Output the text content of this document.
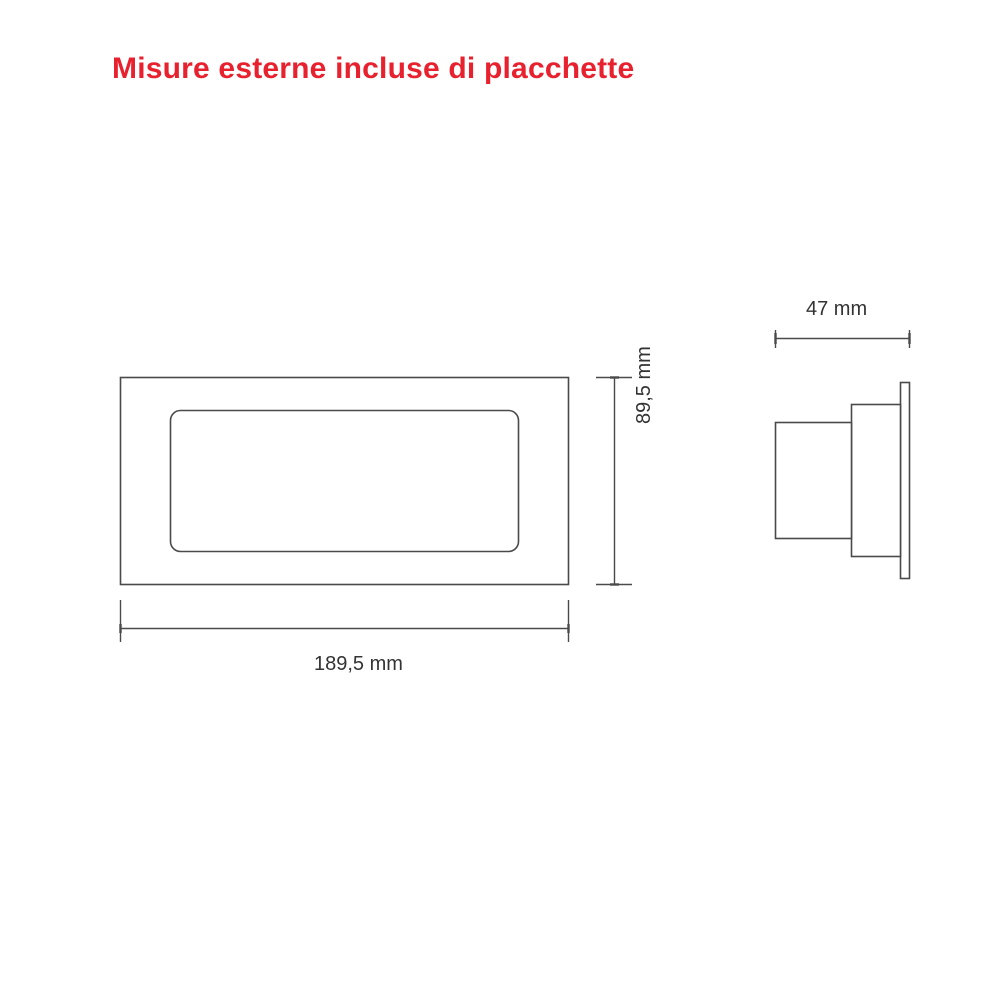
Misure esterne incluse di placchette
189,5 mm
89,5 mm
47 mm
